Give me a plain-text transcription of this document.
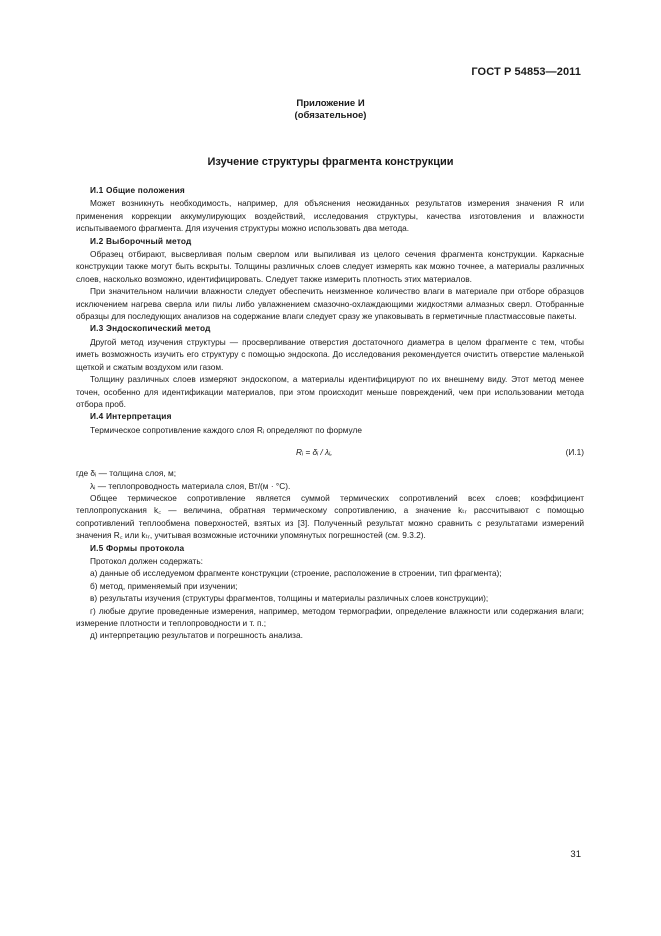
ГОСТ Р 54853—2011
Приложение И
(обязательное)
Изучение структуры фрагмента конструкции
И.1 Общие положения

Может возникнуть необходимость, например, для объяснения неожиданных результатов измерения значения R или применения коррекции аккумулирующих воздействий, исследования структуры, качества изготовления и влажности испытываемого фрагмента. Для изучения структуры можно использовать два метода.

И.2 Выборочный метод

Образец отбирают, высверливая полым сверлом или выпиливая из целого сечения фрагмента конструкции. Каркасные конструкции также могут быть вскрыты. Толщины различных слоев следует измерять как можно точнее, а материалы различных слоев, насколько возможно, идентифицировать. Следует также измерить плотность этих материалов.

При значительном наличии влажности следует обеспечить неизменное количество влаги в материале при отборе образцов исключением нагрева сверла или пилы либо увлажнением смазочно-охлаждающими жидкостями алмазных сверл. Отобранные образцы для последующих анализов на содержание влаги следует сразу же упаковывать в герметичные пластмассовые пакеты.

И.3 Эндоскопический метод

Другой метод изучения структуры — просверливание отверстия достаточного диаметра в целом фрагменте с тем, чтобы иметь возможность изучить его структуру с помощью эндоскопа. До исследования рекомендуется очистить отверстие маленькой щеткой и сжатым воздухом или газом.

Толщину различных слоев измеряют эндоскопом, а материалы идентифицируют по их внешнему виду. Этот метод менее точен, особенно для идентификации материалов, при этом происходит меньше повреждений, чем при использовании метода отбора проб.

И.4 Интерпретация

Термическое сопротивление каждого слоя Rᵢ определяют по формуле

Rᵢ = δᵢ / λᵢ,	(И.1)

где δᵢ — толщина слоя, м;

λᵢ — теплопроводность материала слоя, Вт/(м · °С).

Общее термическое сопротивление является суммой термических сопротивлений всех слоев; коэффициент теплопропускания k꜀ — величина, обратная термическому сопротивлению, а значение kₜᵣ рассчитывают с помощью сопротивлений теплообмена поверхностей, взятых из [3]. Полученный результат можно сравнить с результатами измерений значения R꜀ или kₜᵣ, учитывая возможные источники упомянутых погрешностей (см. 9.3.2).

И.5 Формы протокола

Протокол должен содержать:

а) данные об исследуемом фрагменте конструкции (строение, расположение в строении, тип фрагмента);

б) метод, применяемый при изучении;

в) результаты изучения (структуры фрагментов, толщины и материалы различных слоев конструкции);

г) любые другие проведенные измерения, например, методом термографии, определение влажности или содержания влаги; измерение плотности и теплопроводности и т. п.;

д) интерпретацию результатов и погрешность анализа.

31
